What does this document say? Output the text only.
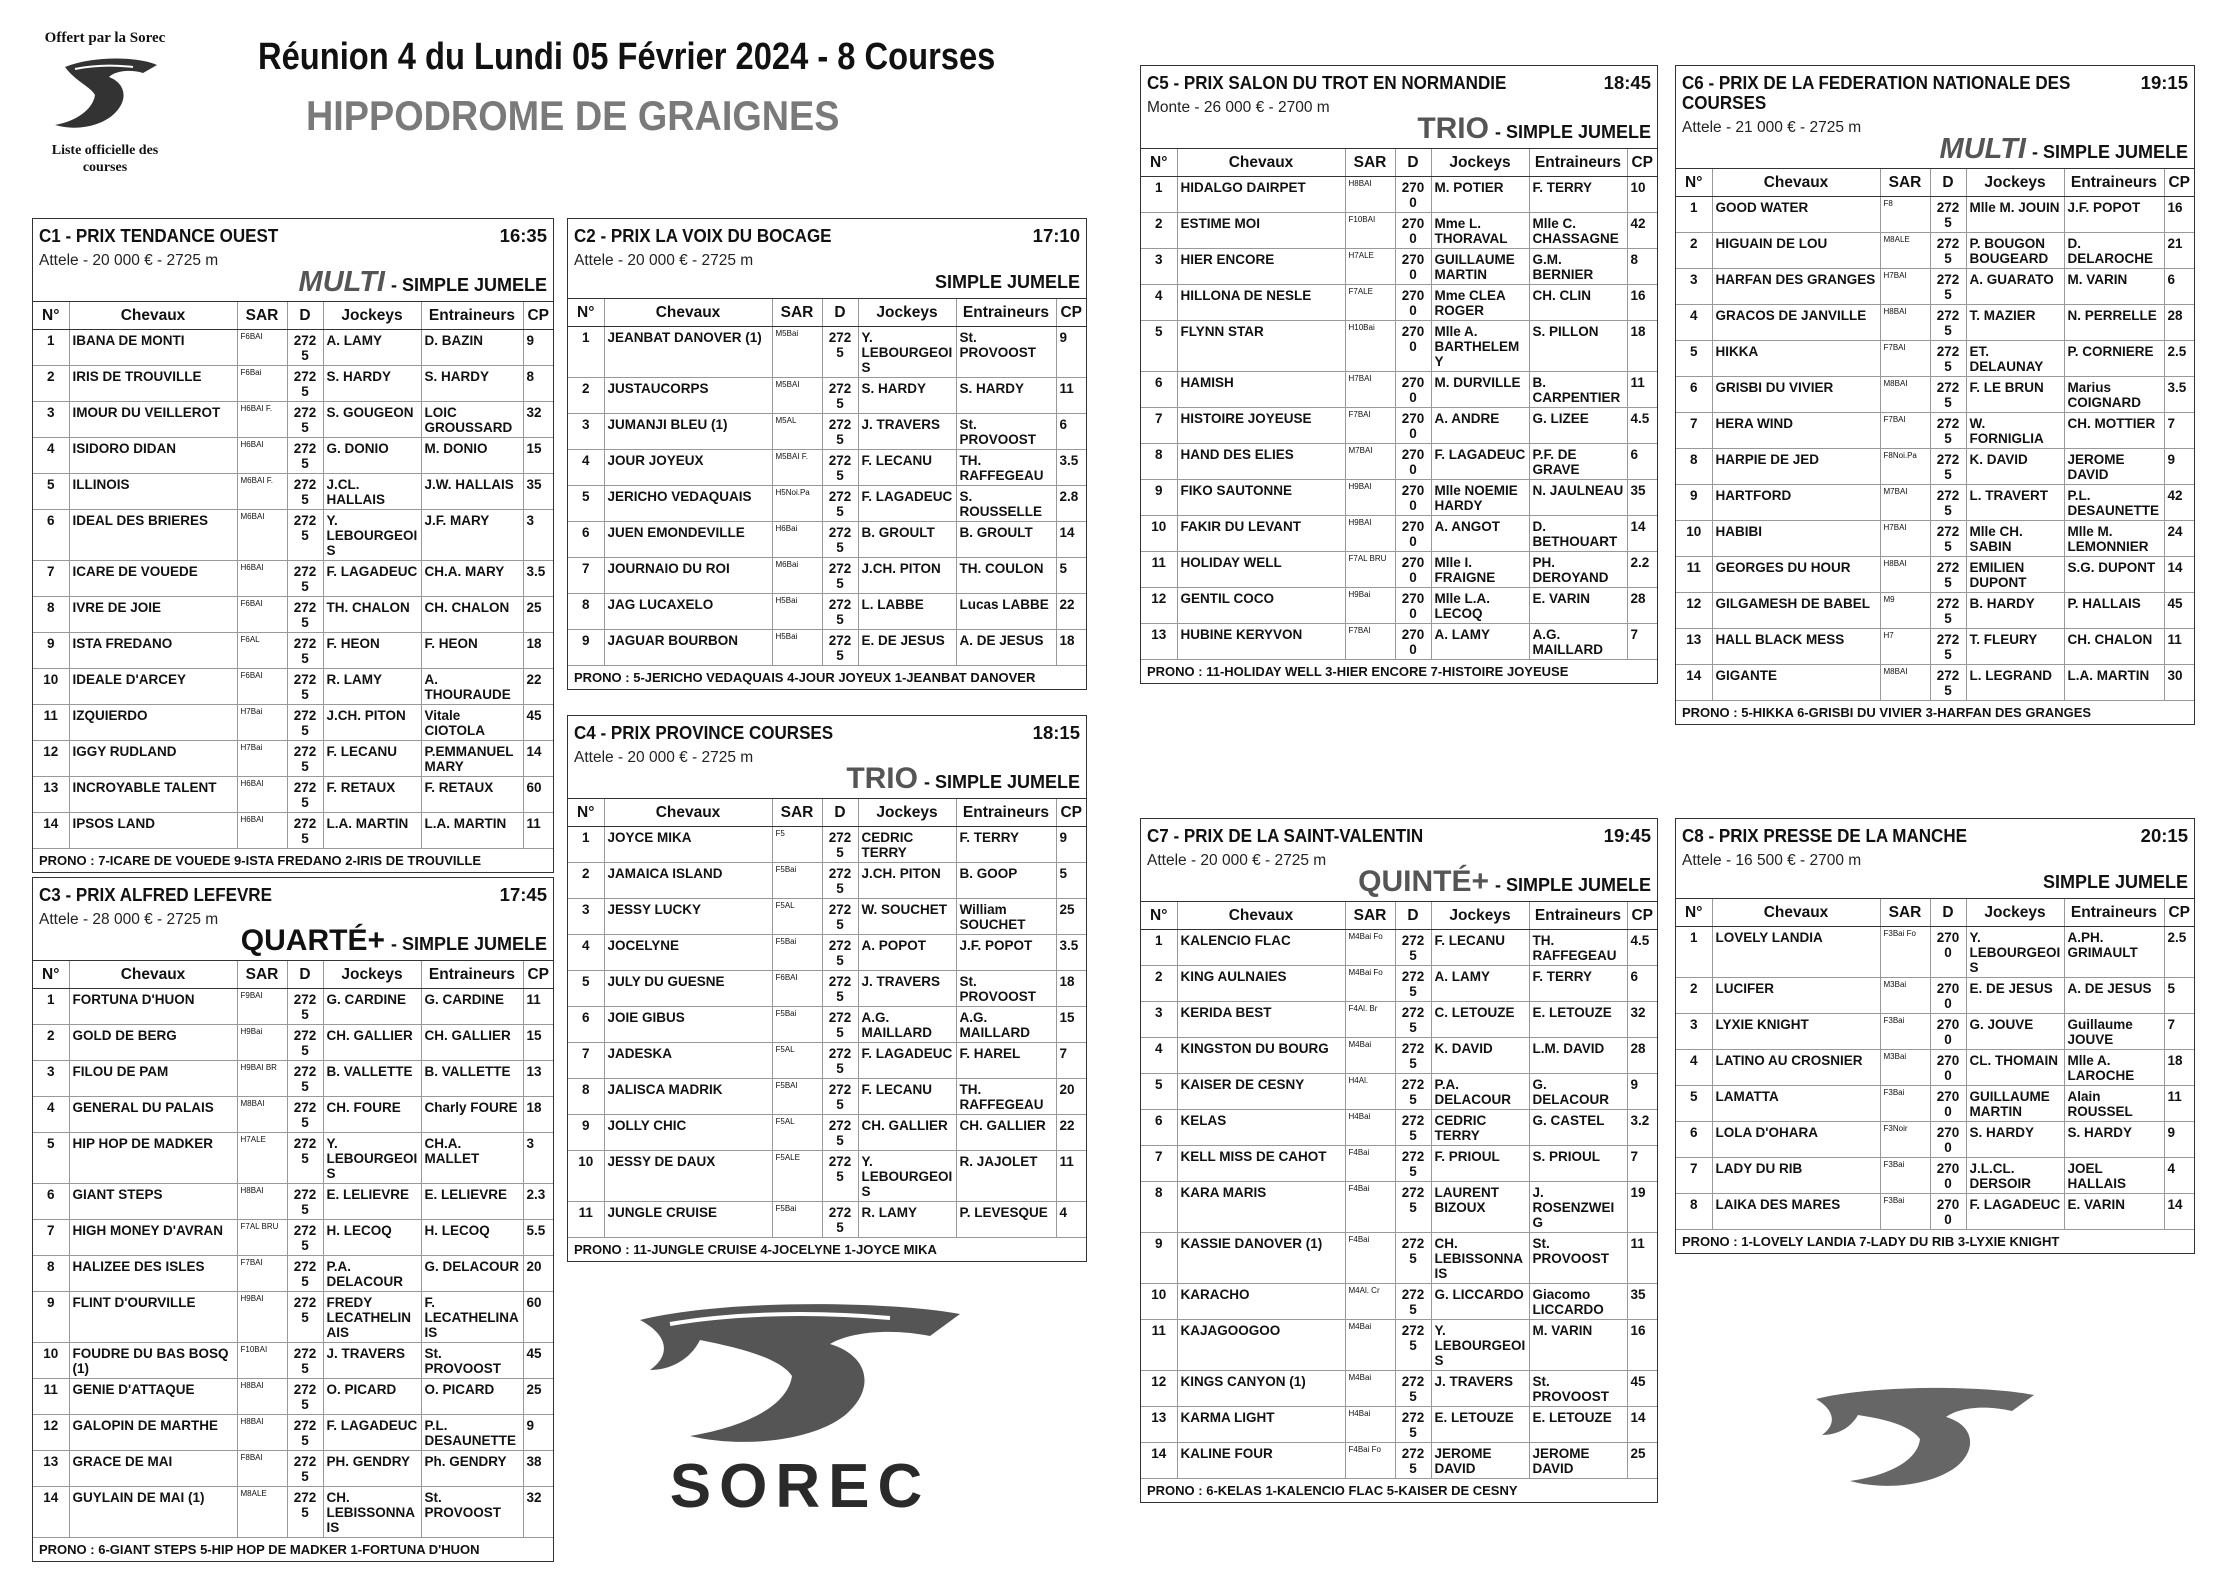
Offert par la Sorec
Liste officielle des courses
Réunion 4 du Lundi 05 Février 2024 - 8 Courses
HIPPODROME DE GRAIGNES
C1 - PRIX TENDANCE OUEST	16:35
Attele - 20 000 € - 2725 m
MULTI - SIMPLE JUMELE
N°	Chevaux	SAR	D	Jockeys	Entraineurs	CP
1	IBANA DE MONTI	F6BAI	2725	A. LAMY	D. BAZIN	9
2	IRIS DE TROUVILLE	F6Bai	2725	S. HARDY	S. HARDY	8
3	IMOUR DU VEILLEROT	H6BAI F.	2725	S. GOUGEON	LOIC GROUSSARD	32
4	ISIDORO DIDAN	H6BAI	2725	G. DONIO	M. DONIO	15
5	ILLINOIS	M6BAI F.	2725	J.CL. HALLAIS	J.W. HALLAIS	35
6	IDEAL DES BRIERES	M6BAI	2725	Y. LEBOURGEOIS	J.F. MARY	3
7	ICARE DE VOUEDE	H6BAI	2725	F. LAGADEUC	CH.A. MARY	3.5
8	IVRE DE JOIE	F6BAI	2725	TH. CHALON	CH. CHALON	25
9	ISTA FREDANO	F6AL	2725	F. HEON	F. HEON	18
10	IDEALE D'ARCEY	F6BAI	2725	R. LAMY	A. THOURAUDE	22
11	IZQUIERDO	H7Bai	2725	J.CH. PITON	Vitale CIOTOLA	45
12	IGGY RUDLAND	H7Bai	2725	F. LECANU	P.EMMANUEL MARY	14
13	INCROYABLE TALENT	H6BAI	2725	F. RETAUX	F. RETAUX	60
14	IPSOS LAND	H6BAI	2725	L.A. MARTIN	L.A. MARTIN	11
PRONO : 7-ICARE DE VOUEDE 9-ISTA FREDANO 2-IRIS DE TROUVILLE
C2 - PRIX LA VOIX DU BOCAGE	17:10
Attele - 20 000 € - 2725 m
SIMPLE JUMELE
N°	Chevaux	SAR	D	Jockeys	Entraineurs	CP
1	JEANBAT DANOVER (1)	M5Bai	2725	Y. LEBOURGEOIS	St. PROVOOST	9
2	JUSTAUCORPS	M5BAI	2725	S. HARDY	S. HARDY	11
3	JUMANJI BLEU (1)	M5AL	2725	J. TRAVERS	St. PROVOOST	6
4	JOUR JOYEUX	M5BAI F.	2725	F. LECANU	TH. RAFFEGEAU	3.5
5	JERICHO VEDAQUAIS	H5Noi.Pa	2725	F. LAGADEUC	S. ROUSSELLE	2.8
6	JUEN EMONDEVILLE	H6Bai	2725	B. GROULT	B. GROULT	14
7	JOURNAIO DU ROI	M6Bai	2725	J.CH. PITON	TH. COULON	5
8	JAG LUCAXELO	H5Bai	2725	L. LABBE	Lucas LABBE	22
9	JAGUAR BOURBON	H5Bai	2725	E. DE JESUS	A. DE JESUS	18
PRONO : 5-JERICHO VEDAQUAIS 4-JOUR JOYEUX 1-JEANBAT DANOVER
C3 - PRIX ALFRED LEFEVRE	17:45
Attele - 28 000 € - 2725 m
QUARTÉ+ - SIMPLE JUMELE
N°	Chevaux	SAR	D	Jockeys	Entraineurs	CP
1	FORTUNA D'HUON	F9BAI	2725	G. CARDINE	G. CARDINE	11
2	GOLD DE BERG	H9Bai	2725	CH. GALLIER	CH. GALLIER	15
3	FILOU DE PAM	H9BAI BR	2725	B. VALLETTE	B. VALLETTE	13
4	GENERAL DU PALAIS	M8BAI	2725	CH. FOURE	Charly FOURE	18
5	HIP HOP DE MADKER	H7ALE	2725	Y. LEBOURGEOIS	CH.A. MALLET	3
6	GIANT STEPS	H8BAI	2725	E. LELIEVRE	E. LELIEVRE	2.3
7	HIGH MONEY D'AVRAN	F7AL BRU	2725	H. LECOQ	H. LECOQ	5.5
8	HALIZEE DES ISLES	F7BAI	2725	P.A. DELACOUR	G. DELACOUR	20
9	FLINT D'OURVILLE	H9BAI	2725	FREDY LECATHELINAIS	F. LECATHELINAIS	60
10	FOUDRE DU BAS BOSQ (1)	F10BAI	2725	J. TRAVERS	St. PROVOOST	45
11	GENIE D'ATTAQUE	H8BAI	2725	O. PICARD	O. PICARD	25
12	GALOPIN DE MARTHE	H8BAI	2725	F. LAGADEUC	P.L. DESAUNETTE	9
13	GRACE DE MAI	F8BAI	2725	PH. GENDRY	Ph. GENDRY	38
14	GUYLAIN DE MAI (1)	M8ALE	2725	CH. LEBISSONNAIS	St. PROVOOST	32
PRONO : 6-GIANT STEPS 5-HIP HOP DE MADKER 1-FORTUNA D'HUON
C4 - PRIX PROVINCE COURSES	18:15
Attele - 20 000 € - 2725 m
TRIO - SIMPLE JUMELE
N°	Chevaux	SAR	D	Jockeys	Entraineurs	CP
1	JOYCE MIKA	F5	2725	CEDRIC TERRY	F. TERRY	9
2	JAMAICA ISLAND	F5Bai	2725	J.CH. PITON	B. GOOP	5
3	JESSY LUCKY	F5AL	2725	W. SOUCHET	William SOUCHET	25
4	JOCELYNE	F5Bai	2725	A. POPOT	J.F. POPOT	3.5
5	JULY DU GUESNE	F6BAI	2725	J. TRAVERS	St. PROVOOST	18
6	JOIE GIBUS	F5Bai	2725	A.G. MAILLARD	A.G. MAILLARD	15
7	JADESKA	F5AL	2725	F. LAGADEUC	F. HAREL	7
8	JALISCA MADRIK	F5BAI	2725	F. LECANU	TH. RAFFEGEAU	20
9	JOLLY CHIC	F5AL	2725	CH. GALLIER	CH. GALLIER	22
10	JESSY DE DAUX	F5ALE	2725	Y. LEBOURGEOIS	R. JAJOLET	11
11	JUNGLE CRUISE	F5Bai	2725	R. LAMY	P. LEVESQUE	4
PRONO : 11-JUNGLE CRUISE 4-JOCELYNE 1-JOYCE MIKA
C5 - PRIX SALON DU TROT EN NORMANDIE	18:45
Monte - 26 000 € - 2700 m
TRIO - SIMPLE JUMELE
N°	Chevaux	SAR	D	Jockeys	Entraineurs	CP
1	HIDALGO DAIRPET	H8BAI	2700	M. POTIER	F. TERRY	10
2	ESTIME MOI	F10BAI	2700	Mme L. THORAVAL	Mlle C. CHASSAGNE	42
3	HIER ENCORE	H7ALE	2700	GUILLAUME MARTIN	G.M. BERNIER	8
4	HILLONA DE NESLE	F7ALE	2700	Mme CLEA ROGER	CH. CLIN	16
5	FLYNN STAR	H10Bai	2700	Mlle A. BARTHELEMY	S. PILLON	18
6	HAMISH	H7BAI	2700	M. DURVILLE	B. CARPENTIER	11
7	HISTOIRE JOYEUSE	F7BAI	2700	A. ANDRE	G. LIZEE	4.5
8	HAND DES ELIES	M7BAI	2700	F. LAGADEUC	P.F. DE GRAVE	6
9	FIKO SAUTONNE	H9BAI	2700	Mlle NOEMIE HARDY	N. JAULNEAU	35
10	FAKIR DU LEVANT	H9BAI	2700	A. ANGOT	D. BETHOUART	14
11	HOLIDAY WELL	F7AL BRU	2700	Mlle I. FRAIGNE	PH. DEROYAND	2.2
12	GENTIL COCO	H9Bai	2700	Mlle L.A. LECOQ	E. VARIN	28
13	HUBINE KERYVON	F7BAI	2700	A. LAMY	A.G. MAILLARD	7
PRONO : 11-HOLIDAY WELL 3-HIER ENCORE 7-HISTOIRE JOYEUSE
C6 - PRIX DE LA FEDERATION NATIONALE DES COURSES
19:15
Attele - 21 000 € - 2725 m
MULTI - SIMPLE JUMELE
N°	Chevaux	SAR	D	Jockeys	Entraineurs	CP
1	GOOD WATER	F8	2725	Mlle M. JOUIN	J.F. POPOT	16
2	HIGUAIN DE LOU	M8ALE	2725	P. BOUGON BOUGEARD	D. DELAROCHE	21
3	HARFAN DES GRANGES	H7BAI	2725	A. GUARATO	M. VARIN	6
4	GRACOS DE JANVILLE	H8BAI	2725	T. MAZIER	N. PERRELLE	28
5	HIKKA	F7BAI	2725	ET. DELAUNAY	P. CORNIERE	2.5
6	GRISBI DU VIVIER	M8BAI	2725	F. LE BRUN	Marius COIGNARD	3.5
7	HERA WIND	F7BAI	2725	W. FORNIGLIA	CH. MOTTIER	7
8	HARPIE DE JED	F8Noi.Pa	2725	K. DAVID	JEROME DAVID	9
9	HARTFORD	M7BAI	2725	L. TRAVERT	P.L. DESAUNETTE	42
10	HABIBI	H7BAI	2725	Mlle CH. SABIN	Mlle M. LEMONNIER	24
11	GEORGES DU HOUR	H8BAI	2725	EMILIEN DUPONT	S.G. DUPONT	14
12	GILGAMESH DE BABEL	M9	2725	B. HARDY	P. HALLAIS	45
13	HALL BLACK MESS	H7	2725	T. FLEURY	CH. CHALON	11
14	GIGANTE	M8BAI	2725	L. LEGRAND	L.A. MARTIN	30
PRONO : 5-HIKKA 6-GRISBI DU VIVIER 3-HARFAN DES GRANGES
C7 - PRIX DE LA SAINT-VALENTIN	19:45
Attele - 20 000 € - 2725 m
QUINTÉ+ - SIMPLE JUMELE
N°	Chevaux	SAR	D	Jockeys	Entraineurs	CP
1	KALENCIO FLAC	M4Bai Fo	2725	F. LECANU	TH. RAFFEGEAU	4.5
2	KING AULNAIES	M4Bai Fo	2725	A. LAMY	F. TERRY	6
3	KERIDA BEST	F4Al. Br	2725	C. LETOUZE	E. LETOUZE	32
4	KINGSTON DU BOURG	M4Bai	2725	K. DAVID	L.M. DAVID	28
5	KAISER DE CESNY	H4Al.	2725	P.A. DELACOUR	G. DELACOUR	9
6	KELAS	H4Bai	2725	CEDRIC TERRY	G. CASTEL	3.2
7	KELL MISS DE CAHOT	F4Bai	2725	F. PRIOUL	S. PRIOUL	7
8	KARA MARIS	F4Bai	2725	LAURENT BIZOUX	J. ROSENZWEIG	19
9	KASSIE DANOVER (1)	F4Bai	2725	CH. LEBISSONNAIS	St. PROVOOST	11
10	KARACHO	M4Al. Cr	2725	G. LICCARDO	Giacomo LICCARDO	35
11	KAJAGOOGOO	M4Bai	2725	Y. LEBOURGEOIS	M. VARIN	16
12	KINGS CANYON (1)	M4Bai	2725	J. TRAVERS	St. PROVOOST	45
13	KARMA LIGHT	H4Bai	2725	E. LETOUZE	E. LETOUZE	14
14	KALINE FOUR	F4Bai Fo	2725	JEROME DAVID	JEROME DAVID	25
PRONO : 6-KELAS 1-KALENCIO FLAC 5-KAISER DE CESNY
C8 - PRIX PRESSE DE LA MANCHE	20:15
Attele - 16 500 € - 2700 m
SIMPLE JUMELE
N°	Chevaux	SAR	D	Jockeys	Entraineurs	CP
1	LOVELY LANDIA	F3Bai Fo	2700	Y. LEBOURGEOIS	A.PH. GRIMAULT	2.5
2	LUCIFER	M3Bai	2700	E. DE JESUS	A. DE JESUS	5
3	LYXIE KNIGHT	F3Bai	2700	G. JOUVE	Guillaume JOUVE	7
4	LATINO AU CROSNIER	M3Bai	2700	CL. THOMAIN	Mlle A. LAROCHE	18
5	LAMATTA	F3Bai	2700	GUILLAUME MARTIN	Alain ROUSSEL	11
6	LOLA D'OHARA	F3Noir	2700	S. HARDY	S. HARDY	9
7	LADY DU RIB	F3Bai	2700	J.L.CL. DERSOIR	JOEL HALLAIS	4
8	LAIKA DES MARES	F3Bai	2700	F. LAGADEUC	E. VARIN	14
PRONO : 1-LOVELY LANDIA 7-LADY DU RIB 3-LYXIE KNIGHT
SOREC
